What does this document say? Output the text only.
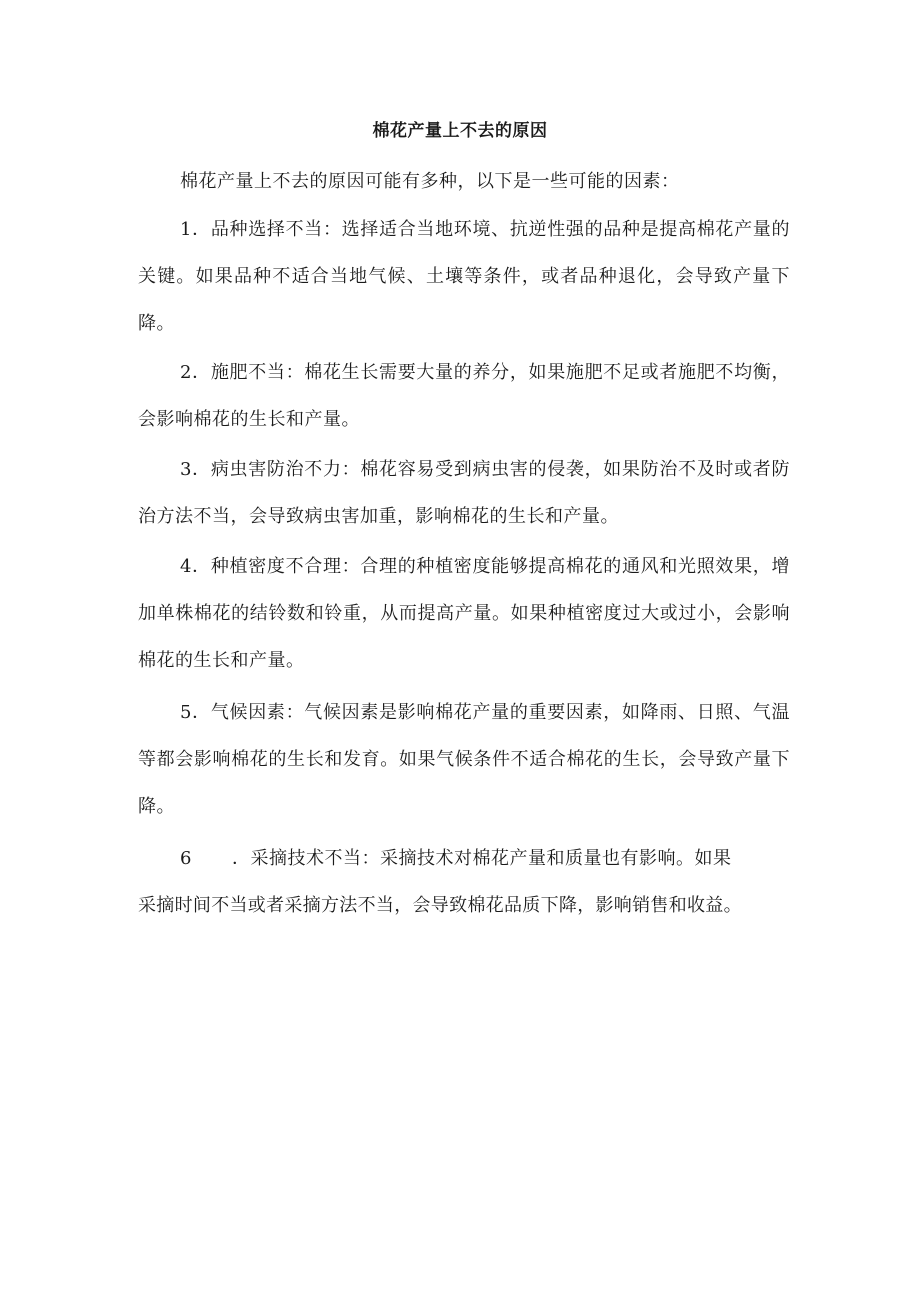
棉花产量上不去的原因

棉花产量上不去的原因可能有多种，以下是一些可能的因素：

1．品种选择不当：选择适合当地环境、抗逆性强的品种是提高棉花产量的关键。如果品种不适合当地气候、土壤等条件，或者品种退化，会导致产量下降。

2．施肥不当：棉花生长需要大量的养分，如果施肥不足或者施肥不均衡，会影响棉花的生长和产量。

3．病虫害防治不力：棉花容易受到病虫害的侵袭，如果防治不及时或者防治方法不当，会导致病虫害加重，影响棉花的生长和产量。

4．种植密度不合理：合理的种植密度能够提高棉花的通风和光照效果，增加单株棉花的结铃数和铃重，从而提高产量。如果种植密度过大或过小，会影响棉花的生长和产量。

5．气候因素：气候因素是影响棉花产量的重要因素，如降雨、日照、气温等都会影响棉花的生长和发育。如果气候条件不适合棉花的生长，会导致产量下降。

6 ．采摘技术不当：采摘技术对棉花产量和质量也有影响。如果
采摘时间不当或者采摘方法不当，会导致棉花品质下降，影响销售和收益。
